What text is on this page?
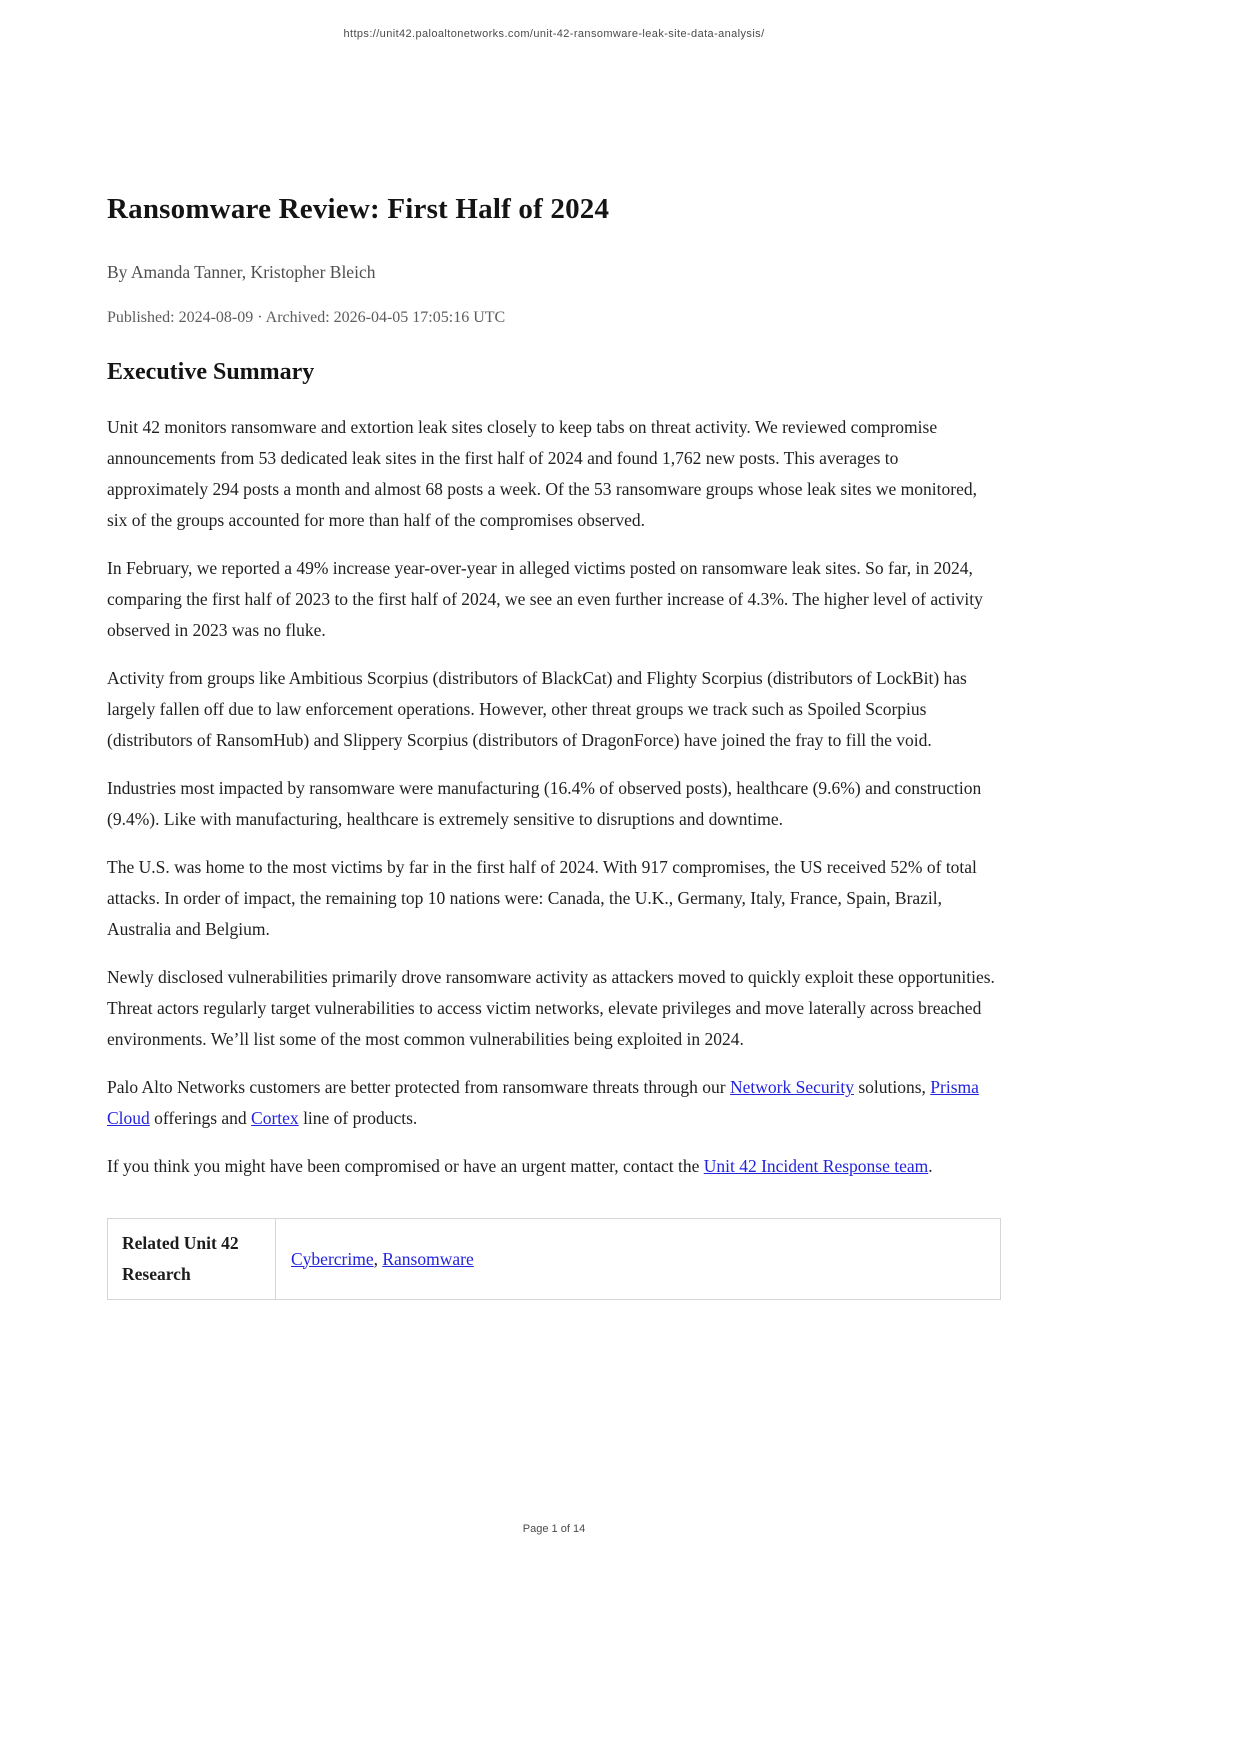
https://unit42.paloaltonetworks.com/unit-42-ransomware-leak-site-data-analysis/
Ransomware Review: First Half of 2024

By Amanda Tanner, Kristopher Bleich

Published: 2024-08-09 · Archived: 2026-04-05 17:05:16 UTC

Executive Summary

Unit 42 monitors ransomware and extortion leak sites closely to keep tabs on threat activity. We reviewed compromise announcements from 53 dedicated leak sites in the first half of 2024 and found 1,762 new posts. This averages to approximately 294 posts a month and almost 68 posts a week. Of the 53 ransomware groups whose leak sites we monitored, six of the groups accounted for more than half of the compromises observed.

In February, we reported a 49% increase year-over-year in alleged victims posted on ransomware leak sites. So far, in 2024, comparing the first half of 2023 to the first half of 2024, we see an even further increase of 4.3%. The higher level of activity observed in 2023 was no fluke.

Activity from groups like Ambitious Scorpius (distributors of BlackCat) and Flighty Scorpius (distributors of LockBit) has largely fallen off due to law enforcement operations. However, other threat groups we track such as Spoiled Scorpius (distributors of RansomHub) and Slippery Scorpius (distributors of DragonForce) have joined the fray to fill the void.

Industries most impacted by ransomware were manufacturing (16.4% of observed posts), healthcare (9.6%) and construction (9.4%). Like with manufacturing, healthcare is extremely sensitive to disruptions and downtime.

The U.S. was home to the most victims by far in the first half of 2024. With 917 compromises, the US received 52% of total attacks. In order of impact, the remaining top 10 nations were: Canada, the U.K., Germany, Italy, France, Spain, Brazil, Australia and Belgium.

Newly disclosed vulnerabilities primarily drove ransomware activity as attackers moved to quickly exploit these opportunities. Threat actors regularly target vulnerabilities to access victim networks, elevate privileges and move laterally across breached environments. We’ll list some of the most common vulnerabilities being exploited in 2024.

Palo Alto Networks customers are better protected from ransomware threats through our Network Security solutions, Prisma Cloud offerings and Cortex line of products.

If you think you might have been compromised or have an urgent matter, contact the Unit 42 Incident Response team.

Related Unit 42 Research	Cybercrime, Ransomware
Page 1 of 14
